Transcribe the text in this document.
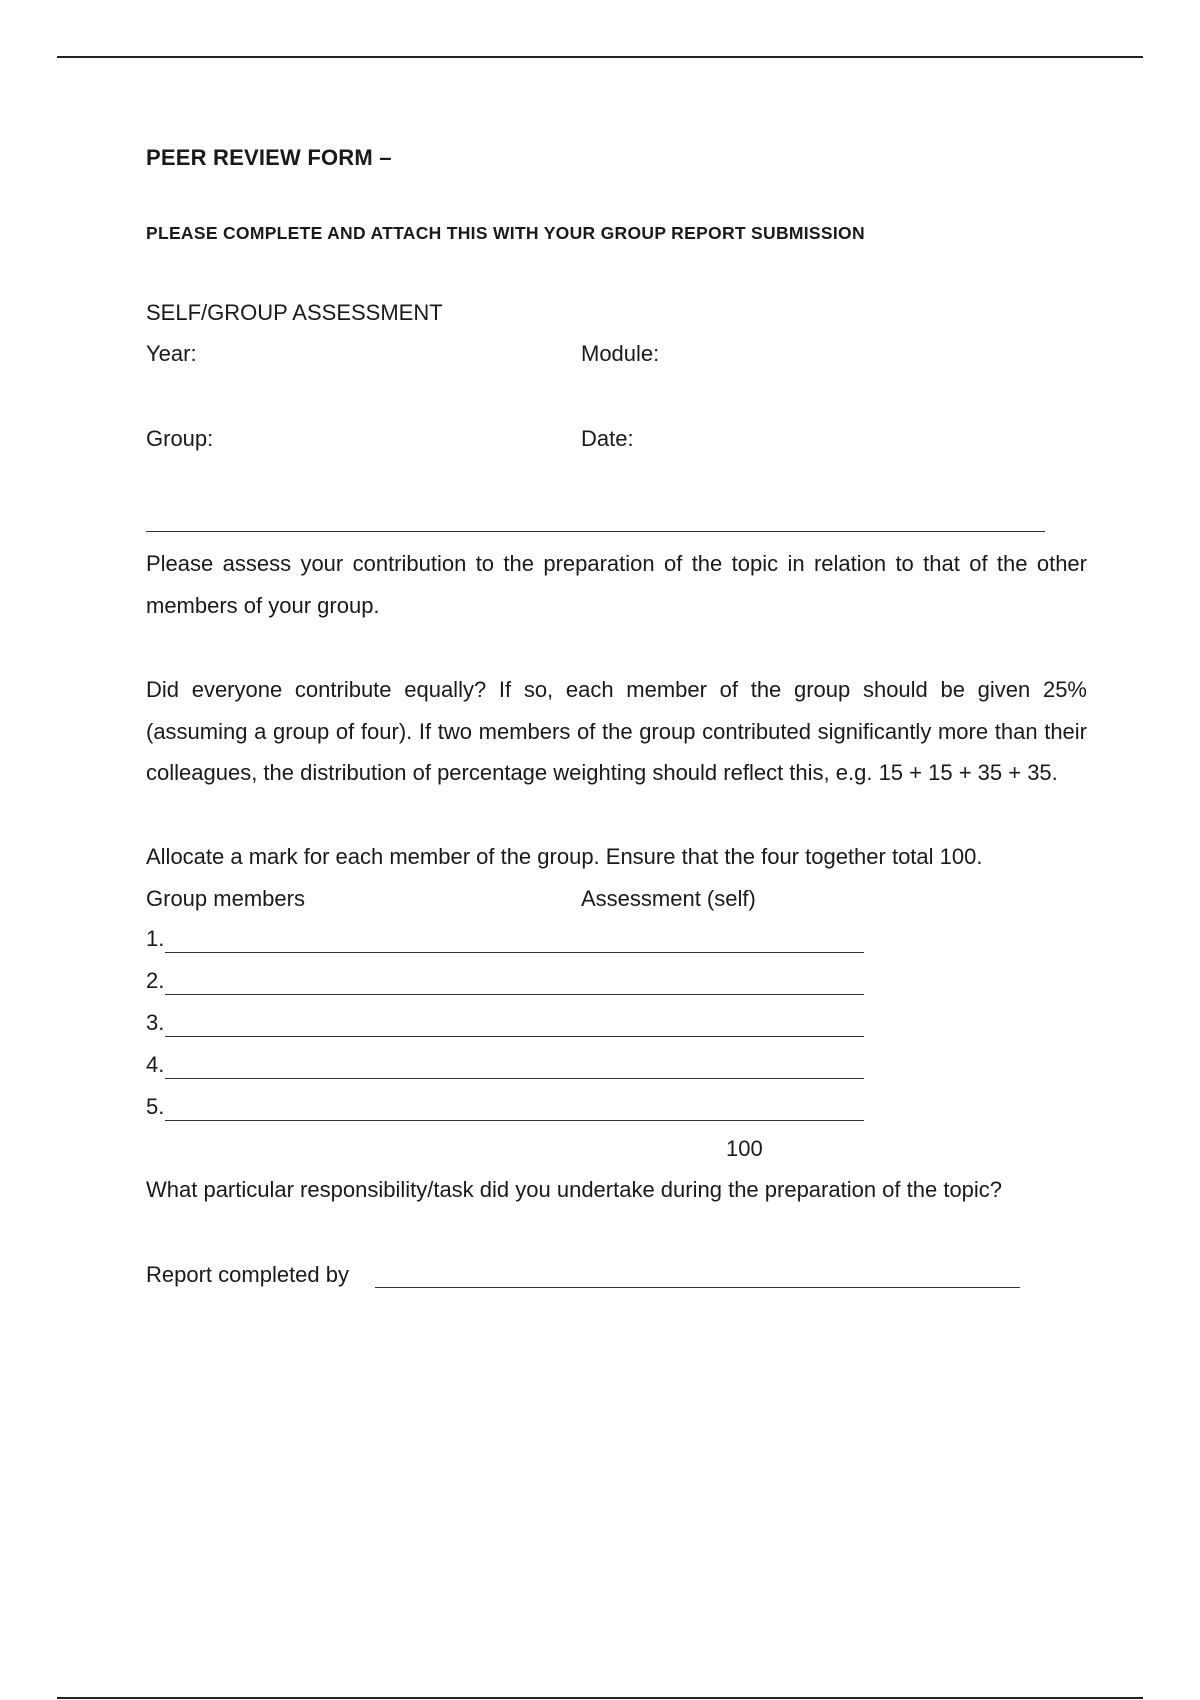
PEER REVIEW FORM –
PLEASE COMPLETE AND ATTACH THIS WITH YOUR GROUP REPORT SUBMISSION
SELF/GROUP ASSESSMENT
Year:	Module:
Group:	Date:

Please assess your contribution to the preparation of the topic in relation to that of the other members of your group.

Did everyone contribute equally? If so, each member of the group should be given 25% (assuming a group of four). If two members of the group contributed significantly more than their colleagues, the distribution of percentage weighting should reflect this, e.g. 15 + 15 + 35 + 35.

Allocate a mark for each member of the group. Ensure that the four together total 100.
Group members	Assessment (self)
1.
2.
3.
4.
5.
100
What particular responsibility/task did you undertake during the preparation of the topic?
Report completed by
